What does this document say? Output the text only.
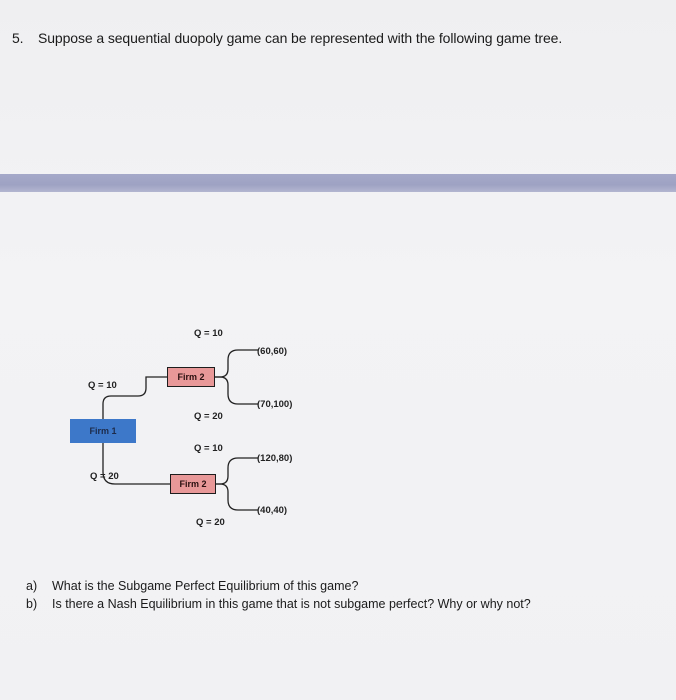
5. Suppose a sequential duopoly game can be represented with the following game tree.
Firm 1
Firm 2
Firm 2
Q = 10
Q = 20
Q = 10
Q = 20
Q = 10
Q = 20
(60,60)
(70,100)
(120,80)
(40,40)
a) What is the Subgame Perfect Equilibrium of this game?
b) Is there a Nash Equilibrium in this game that is not subgame perfect? Why or why not?
